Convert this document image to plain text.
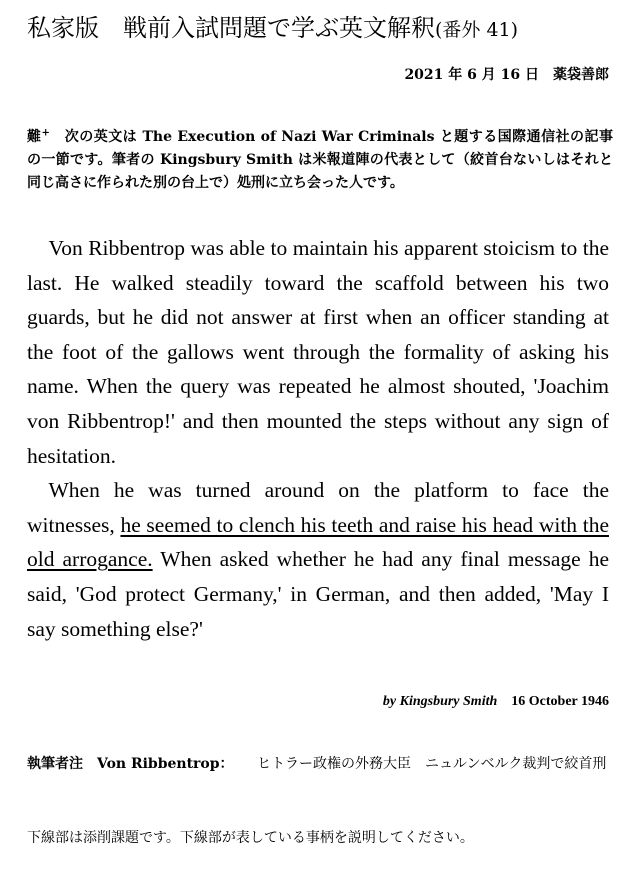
私家版　戦前入試問題で学ぶ英文解釈(番外 41)
2021 年 6 月 16 日　 薬袋善郎
難+　 次の英文は The Execution of Nazi War Criminals と題する国際通信社の記事の一節です。筆者の Kingsbury Smith は米報道陣の代表として（絞首台ないしはそれと同じ高さに作られた別の台上で）処刑に立ち会った人です。

Von Ribbentrop was able to maintain his apparent stoicism to the last. He walked steadily toward the scaffold between his two guards, but he did not answer at first when an officer standing at the foot of the gallows went through the formality of asking his name. When the query was repeated he almost shouted, 'Joachim von Ribbentrop!' and then mounted the steps without any sign of hesitation.

When he was turned around on the platform to face the witnesses, he seemed to clench his teeth and raise his head with the old arrogance. When asked whether he had any final message he said, 'God protect Germany,' in German, and then added, 'May I say something else?'

by Kingsbury Smith 16 October 1946
執筆者注　Von Ribbentrop：	ヒトラー政権の外務大臣　ニュルンベルク裁判で絞首刑
下線部は添削課題です。下線部が表している事柄を説明してください。
